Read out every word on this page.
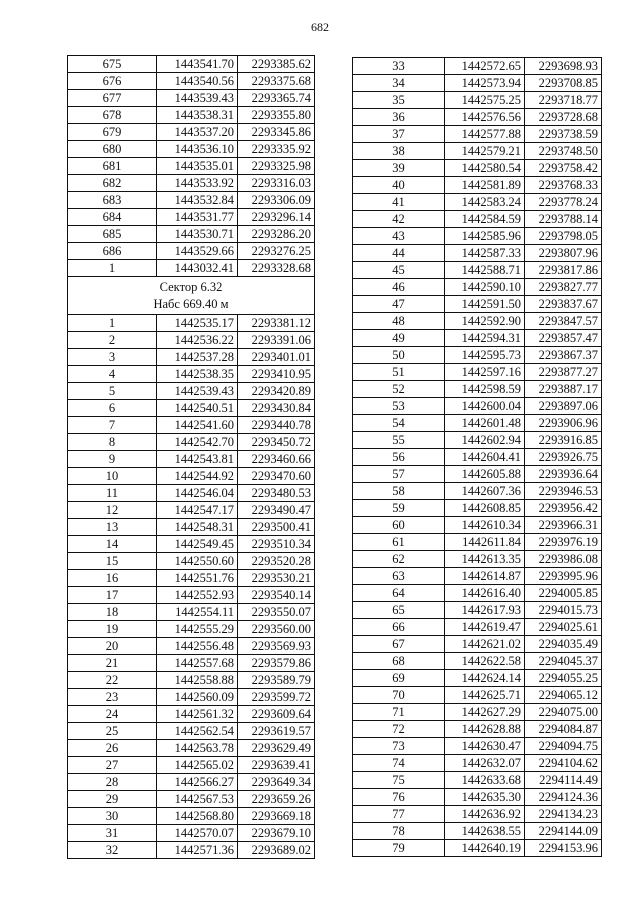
682
675	1443541.70	2293385.62
676	1443540.56	2293375.68
677	1443539.43	2293365.74
678	1443538.31	2293355.80
679	1443537.20	2293345.86
680	1443536.10	2293335.92
681	1443535.01	2293325.98
682	1443533.92	2293316.03
683	1443532.84	2293306.09
684	1443531.77	2293296.14
685	1443530.71	2293286.20
686	1443529.66	2293276.25
1	1443032.41	2293328.68

Сектор 6.32
Набс 669.40 м		

1	1442535.17	2293381.12
2	1442536.22	2293391.06
3	1442537.28	2293401.01
4	1442538.35	2293410.95
5	1442539.43	2293420.89
6	1442540.51	2293430.84
7	1442541.60	2293440.78
8	1442542.70	2293450.72
9	1442543.81	2293460.66
10	1442544.92	2293470.60
11	1442546.04	2293480.53
12	1442547.17	2293490.47
13	1442548.31	2293500.41
14	1442549.45	2293510.34
15	1442550.60	2293520.28
16	1442551.76	2293530.21
17	1442552.93	2293540.14
18	1442554.11	2293550.07
19	1442555.29	2293560.00
20	1442556.48	2293569.93
21	1442557.68	2293579.86
22	1442558.88	2293589.79
23	1442560.09	2293599.72
24	1442561.32	2293609.64
25	1442562.54	2293619.57
26	1442563.78	2293629.49
27	1442565.02	2293639.41
28	1442566.27	2293649.34
29	1442567.53	2293659.26
30	1442568.80	2293669.18
31	1442570.07	2293679.10
32	1442571.36	2293689.02
33	1442572.65	2293698.93
34	1442573.94	2293708.85
35	1442575.25	2293718.77
36	1442576.56	2293728.68
37	1442577.88	2293738.59
38	1442579.21	2293748.50
39	1442580.54	2293758.42
40	1442581.89	2293768.33
41	1442583.24	2293778.24
42	1442584.59	2293788.14
43	1442585.96	2293798.05
44	1442587.33	2293807.96
45	1442588.71	2293817.86
46	1442590.10	2293827.77
47	1442591.50	2293837.67
48	1442592.90	2293847.57
49	1442594.31	2293857.47
50	1442595.73	2293867.37
51	1442597.16	2293877.27
52	1442598.59	2293887.17
53	1442600.04	2293897.06
54	1442601.48	2293906.96
55	1442602.94	2293916.85
56	1442604.41	2293926.75
57	1442605.88	2293936.64
58	1442607.36	2293946.53
59	1442608.85	2293956.42
60	1442610.34	2293966.31
61	1442611.84	2293976.19
62	1442613.35	2293986.08
63	1442614.87	2293995.96
64	1442616.40	2294005.85
65	1442617.93	2294015.73
66	1442619.47	2294025.61
67	1442621.02	2294035.49
68	1442622.58	2294045.37
69	1442624.14	2294055.25
70	1442625.71	2294065.12
71	1442627.29	2294075.00
72	1442628.88	2294084.87
73	1442630.47	2294094.75
74	1442632.07	2294104.62
75	1442633.68	2294114.49
76	1442635.30	2294124.36
77	1442636.92	2294134.23
78	1442638.55	2294144.09
79	1442640.19	2294153.96
